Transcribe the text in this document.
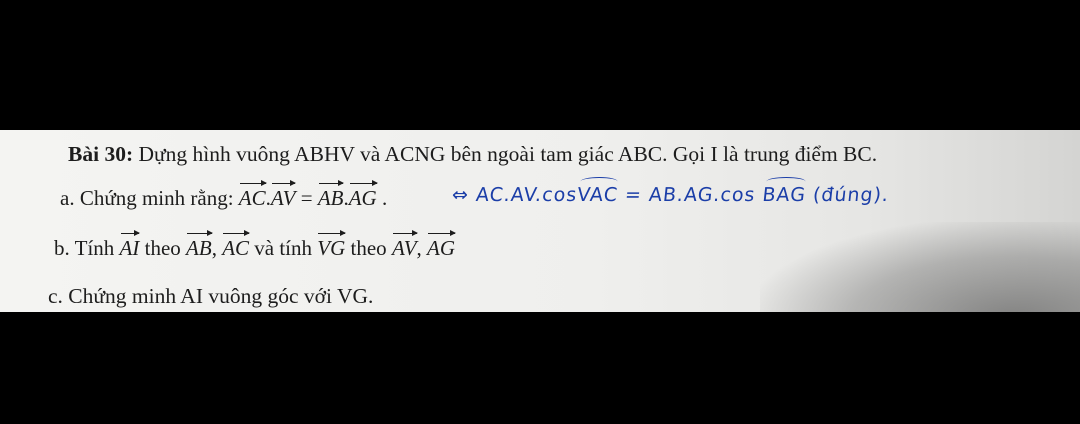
Bài 30: Dựng hình vuông ABHV và ACNG bên ngoài tam giác ABC. Gọi I là trung điểm BC.
a. Chứng minh rằng: AC.AV = AB.AG .	⇔ AC.AV.cosVAC = AB.AG.cos BAG (đúng).
b. Tính AI theo AB, AC và tính VG theo AV, AG
c. Chứng minh AI vuông góc với VG.
